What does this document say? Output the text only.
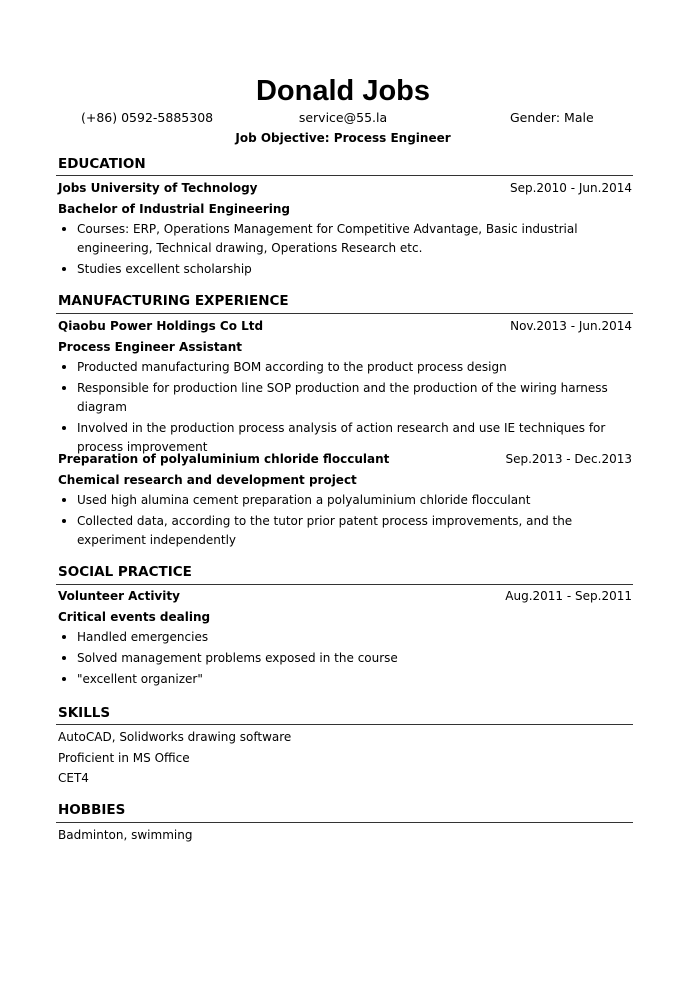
Donald Jobs
(+86) 0592-5885308	service@55.la	Gender: Male
Job Objective: Process Engineer
EDUCATION
Jobs University of Technology	Sep.2010 - Jun.2014
Bachelor of Industrial Engineering
Courses: ERP, Operations Management for Competitive Advantage, Basic industrial engineering, Technical drawing, Operations Research etc.
Studies excellent scholarship
MANUFACTURING EXPERIENCE
Qiaobu Power Holdings Co Ltd	Nov.2013 - Jun.2014
Process Engineer Assistant
Producted manufacturing BOM according to the product process design
Responsible for production line SOP production and the production of the wiring harness diagram
Involved in the production process analysis of action research and use IE techniques for process improvement
Preparation of polyaluminium chloride flocculant	Sep.2013 - Dec.2013
Chemical research and development project
Used high alumina cement preparation a polyaluminium chloride flocculant
Collected data, according to the tutor prior patent process improvements, and the experiment independently
SOCIAL PRACTICE
Volunteer Activity	Aug.2011 - Sep.2011
Critical events dealing
Handled emergencies
Solved management problems exposed in the course
"excellent organizer"
SKILLS
AutoCAD, Solidworks drawing software
Proficient in MS Office
CET4
HOBBIES
Badminton, swimming
